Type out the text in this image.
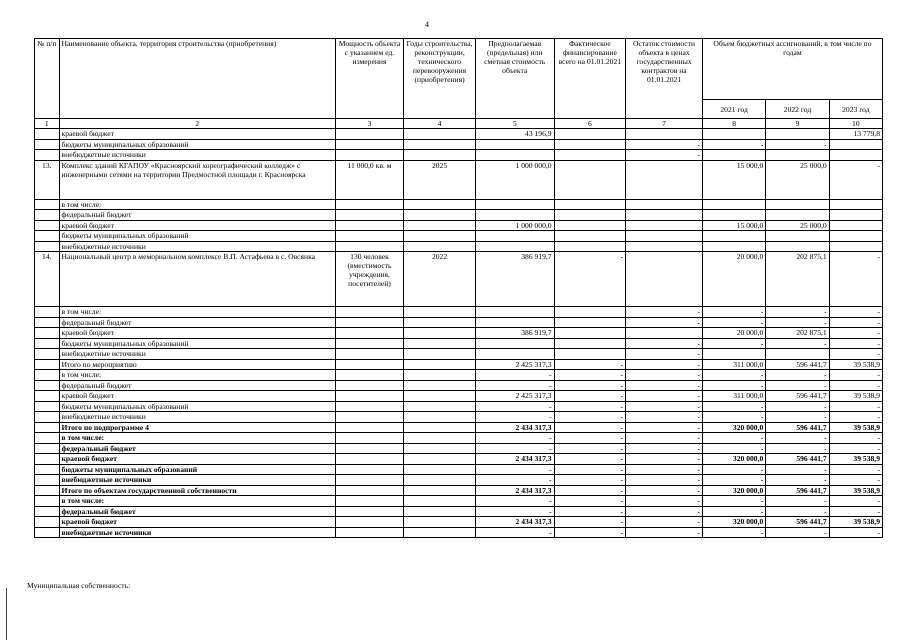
4
№ п/п	Наименование объекта, территория строительства (приобретения)	Мощность объекта с указанием ед. измерения	Годы строительства, реконструкции, технического перевооружения (приобретения)	Предполагаемая (предельная) или сметная стоимость объекта	Фактическое финансирование всего на 01.01.2021	Остаток стоимости объекта в ценах государственных контрактов на 01.01.2021	Объем бюджетных ассигнований, в том числе по годам		
							2021 год	2022 год	2023 год
1	2	3	4	5	6	7	8	9	10
	краевой бюджет			43 196,9					13 779,8
	бюджеты муниципальных образований					-	-	-	
	внебюджетные источники					-			
13.	Комплекс зданий КГАПОУ «Красноярский хореографический колледж» с инженерными сетями на территории Предмостной площади г. Красноярска	11 000,0 кв. м	2025	1 000 000,0			15 000,0	25 000,0	-
	в том числе:								
	федеральный бюджет								
	краевой бюджет			1 000 000,0			15 000,0	25 000,0	
	бюджеты муниципальных образований								
	внебюджетные источники								
14.	Национальный центр в мемориальном комплексе В.П. Астафьева в с. Овсянка	130 человек (вместимость учреждения, посетителей)	2022	386 919,7	-		20 000,0	202 875,1	-
	в том числе:					-	-	-	-
	федеральный бюджет					-	-	-	-
	краевой бюджет			386 919,7			20 000,0	202 875,1	-
	бюджеты муниципальных образований					-	-	-	-
	внебюджетные источники					-			-
	Итого по мероприятию			2 425 317,3	-	-	311 000,0	596 441,7	39 538,9
	в том числе:			-	-	-	-	-	-
	федеральный бюджет			-	-	-	-	-	-
	краевой бюджет			2 425 317,3	-	-	311 000,0	596 441,7	39 538,9
	бюджеты муниципальных образований			-	-	-	-	-	-
	внебюджетные источники			-	-	-	-	-	-
	Итого по подпрограмме 4			2 434 317,3	-	-	320 000,0	596 441,7	39 538,9
	в том числе:			-	-	-	-	-	-
	федеральный бюджет			-	-	-	-	-	-
	краевой бюджет			2 434 317,3	-	-	320 000,0	596 441,7	39 538,9
	бюджеты муниципальных образований			-	-	-	-	-	-
	внебюджетные источники			-	-	-	-	-	-
	Итого по объектам государственной собственности			2 434 317,3	-	-	320 000,0	596 441,7	39 538,9
	в том числе:			-	-	-	-	-	-
	федеральный бюджет			-	-	-	-	-	-
	краевой бюджет			2 434 317,3	-	-	320 000,0	596 441,7	39 538,9
	внебюджетные источники			-	-	-	-	-	-
Муниципальная собственность:
